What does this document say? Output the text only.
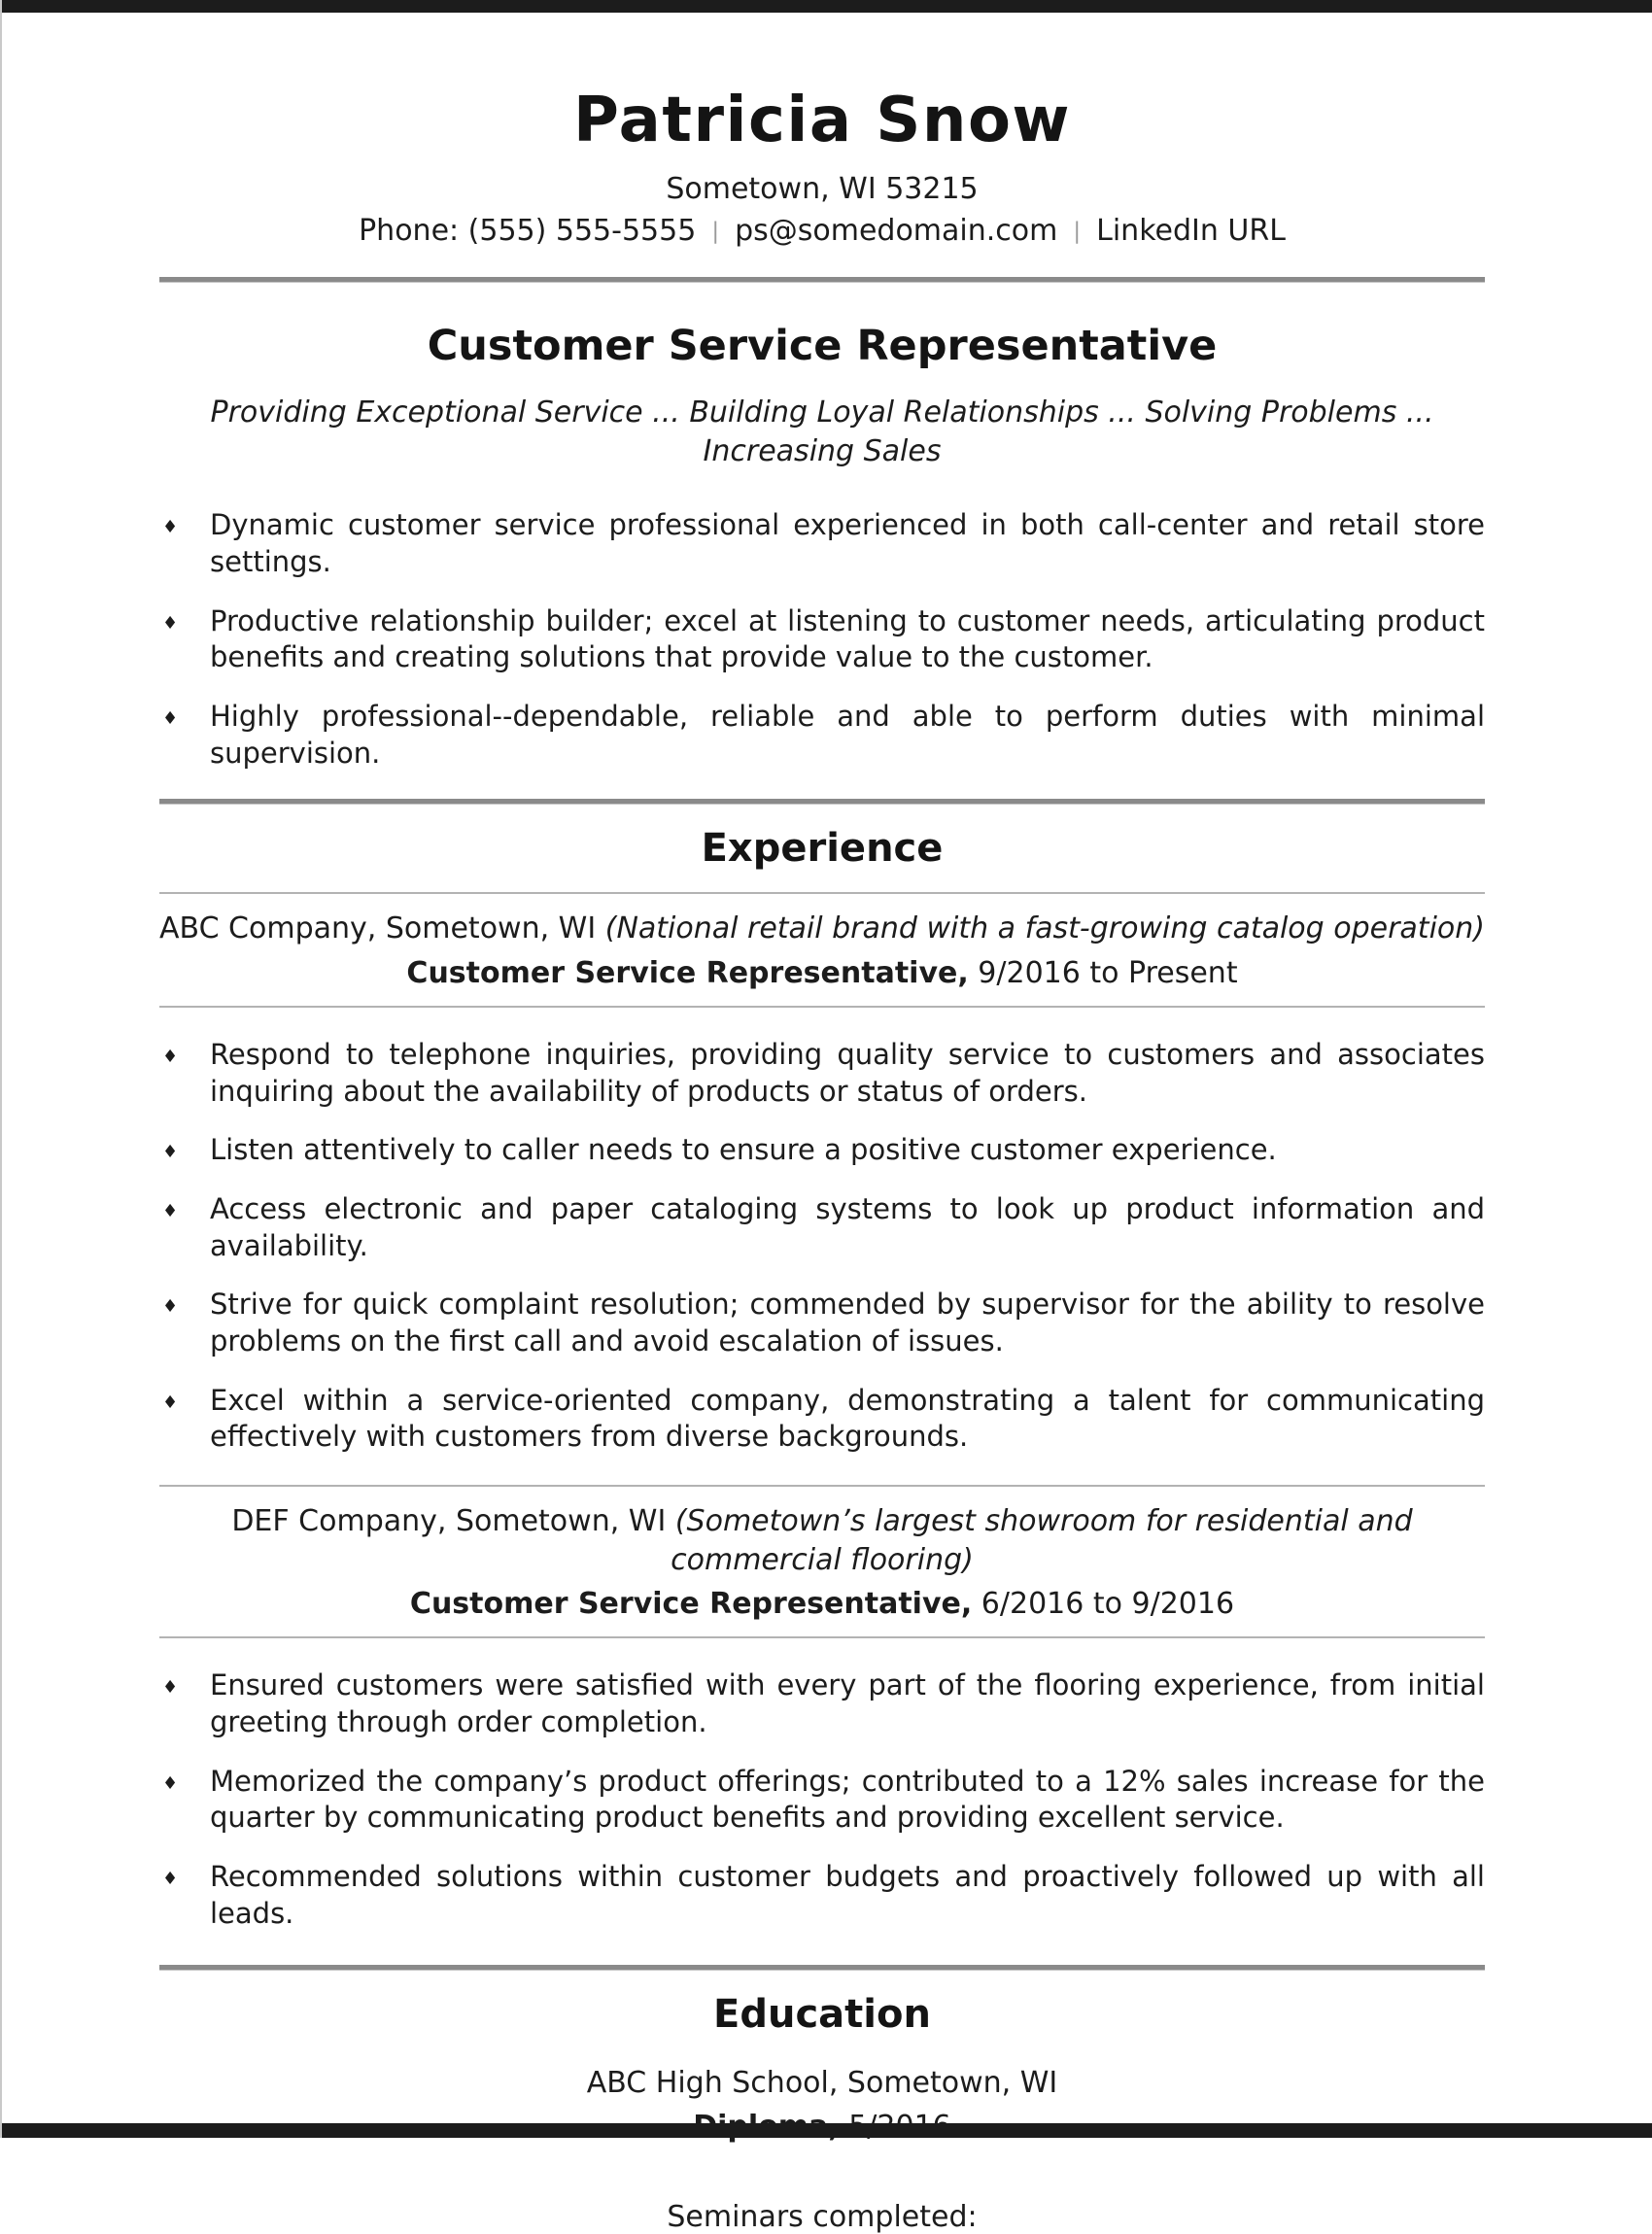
Patricia Snow
Sometown, WI 53215
Phone: (555) 555-5555 | ps@somedomain.com | LinkedIn URL
Customer Service Representative
Providing Exceptional Service ... Building Loyal Relationships ... Solving Problems ... Increasing Sales
♦	Dynamic customer service professional experienced in both call-center and retail store settings.
♦	Productive relationship builder; excel at listening to customer needs, articulating product benefits and creating solutions that provide value to the customer.
♦	Highly professional--dependable, reliable and able to perform duties with minimal supervision.
Experience
ABC Company, Sometown, WI (National retail brand with a fast-growing catalog operation)
Customer Service Representative, 9/2016 to Present
♦	Respond to telephone inquiries, providing quality service to customers and associates inquiring about the availability of products or status of orders.
♦	Listen attentively to caller needs to ensure a positive customer experience.
♦	Access electronic and paper cataloging systems to look up product information and availability.
♦	Strive for quick complaint resolution; commended by supervisor for the ability to resolve problems on the first call and avoid escalation of issues.
♦	Excel within a service-oriented company, demonstrating a talent for communicating effectively with customers from diverse backgrounds.
DEF Company, Sometown, WI (Sometown’s largest showroom for residential and commercial flooring)
Customer Service Representative, 6/2016 to 9/2016
♦	Ensured customers were satisfied with every part of the flooring experience, from initial greeting through order completion.
♦	Memorized the company’s product offerings; contributed to a 12% sales increase for the quarter by communicating product benefits and providing excellent service.
♦	Recommended solutions within customer budgets and proactively followed up with all leads.
Education
ABC High School, Sometown, WI
Seminars completed:
